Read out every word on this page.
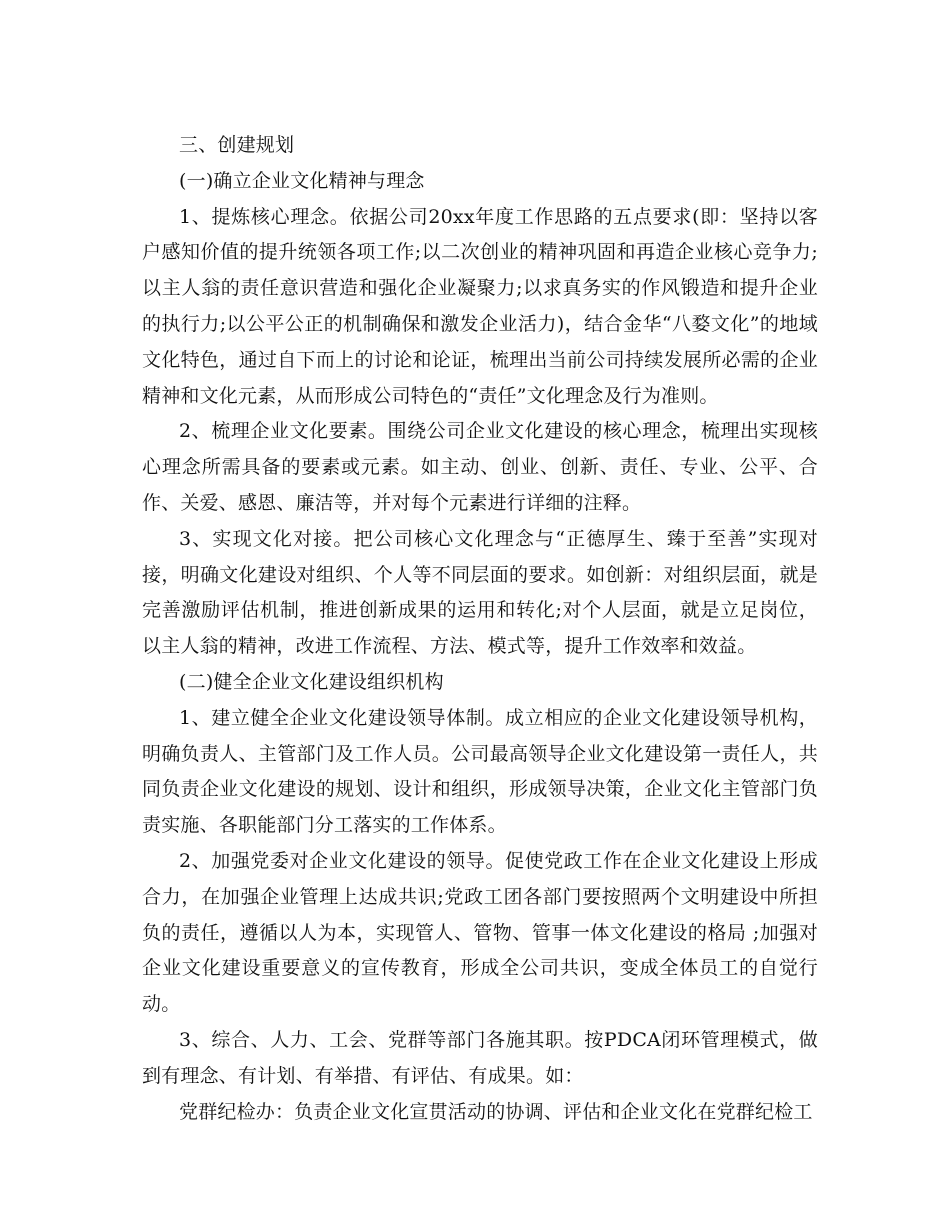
三、创建规划

(一)确立企业文化精神与理念

1、提炼核心理念。依据公司20xx年度工作思路的五点要求(即：坚持以客户感知价值的提升统领各项工作;以二次创业的精神巩固和再造企业核心竞争力;以主人翁的责任意识营造和强化企业凝聚力;以求真务实的作风锻造和提升企业的执行力;以公平公正的机制确保和激发企业活力)，结合金华“八婺文化”的地域文化特色，通过自下而上的讨论和论证，梳理出当前公司持续发展所必需的企业精神和文化元素，从而形成公司特色的“责任”文化理念及行为准则。

2、梳理企业文化要素。围绕公司企业文化建设的核心理念，梳理出实现核心理念所需具备的要素或元素。如主动、创业、创新、责任、专业、公平、合作、关爱、感恩、廉洁等，并对每个元素进行详细的注释。

3、实现文化对接。把公司核心文化理念与“正德厚生、臻于至善”实现对接，明确文化建设对组织、个人等不同层面的要求。如创新：对组织层面，就是完善激励评估机制，推进创新成果的运用和转化;对个人层面，就是立足岗位，以主人翁的精神，改进工作流程、方法、模式等，提升工作效率和效益。

(二)健全企业文化建设组织机构

1、建立健全企业文化建设领导体制。成立相应的企业文化建设领导机构，明确负责人、主管部门及工作人员。公司最高领导企业文化建设第一责任人，共同负责企业文化建设的规划、设计和组织，形成领导决策，企业文化主管部门负责实施、各职能部门分工落实的工作体系。

2、加强党委对企业文化建设的领导。促使党政工作在企业文化建设上形成合力，在加强企业管理上达成共识;党政工团各部门要按照两个文明建设中所担负的责任，遵循以人为本，实现管人、管物、管事一体文化建设的格局 ;加强对企业文化建设重要意义的宣传教育，形成全公司共识，变成全体员工的自觉行动。

3、综合、人力、工会、党群等部门各施其职。按PDCA闭环管理模式，做到有理念、有计划、有举措、有评估、有成果。如：

党群纪检办：负责企业文化宣贯活动的协调、评估和企业文化在党群纪检工
